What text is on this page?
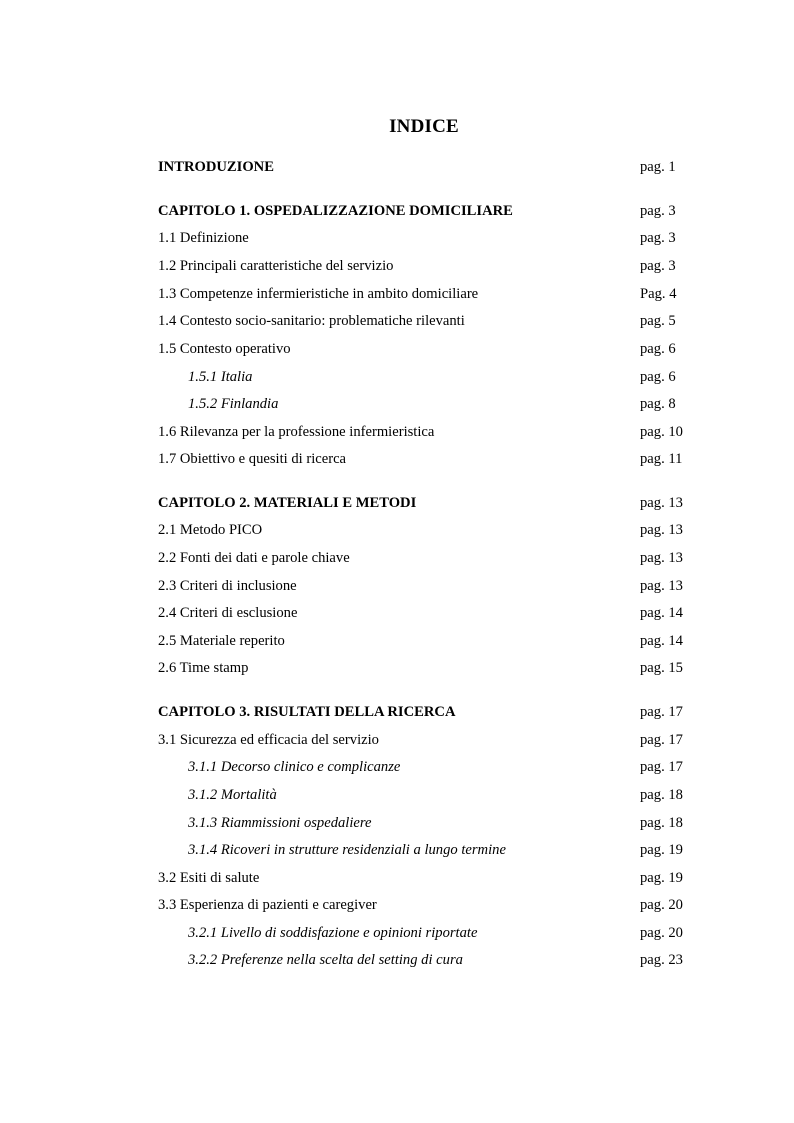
INDICE
INTRODUZIONE	pag. 1
CAPITOLO 1. OSPEDALIZZAZIONE DOMICILIARE	pag. 3
1.1 Definizione	pag. 3
1.2 Principali caratteristiche del servizio	pag. 3
1.3 Competenze infermieristiche in ambito domiciliare	Pag. 4
1.4 Contesto socio-sanitario: problematiche rilevanti	pag. 5
1.5 Contesto operativo	pag. 6
1.5.1 Italia	pag. 6
1.5.2 Finlandia	pag. 8
1.6 Rilevanza per la professione infermieristica	pag. 10
1.7 Obiettivo e quesiti di ricerca	pag. 11
CAPITOLO 2. MATERIALI E METODI	pag. 13
2.1 Metodo PICO	pag. 13
2.2 Fonti dei dati e parole chiave	pag. 13
2.3 Criteri di inclusione	pag. 13
2.4 Criteri di esclusione	pag. 14
2.5 Materiale reperito	pag. 14
2.6 Time stamp	pag. 15
CAPITOLO 3. RISULTATI DELLA RICERCA	pag. 17
3.1 Sicurezza ed efficacia del servizio	pag. 17
3.1.1 Decorso clinico e complicanze	pag. 17
3.1.2 Mortalità	pag. 18
3.1.3 Riammissioni ospedaliere	pag. 18
3.1.4 Ricoveri in strutture residenziali a lungo termine	pag. 19
3.2 Esiti di salute	pag. 19
3.3 Esperienza di pazienti e caregiver	pag. 20
3.2.1 Livello di soddisfazione e opinioni riportate	pag. 20
3.2.2 Preferenze nella scelta del setting di cura	pag. 23
